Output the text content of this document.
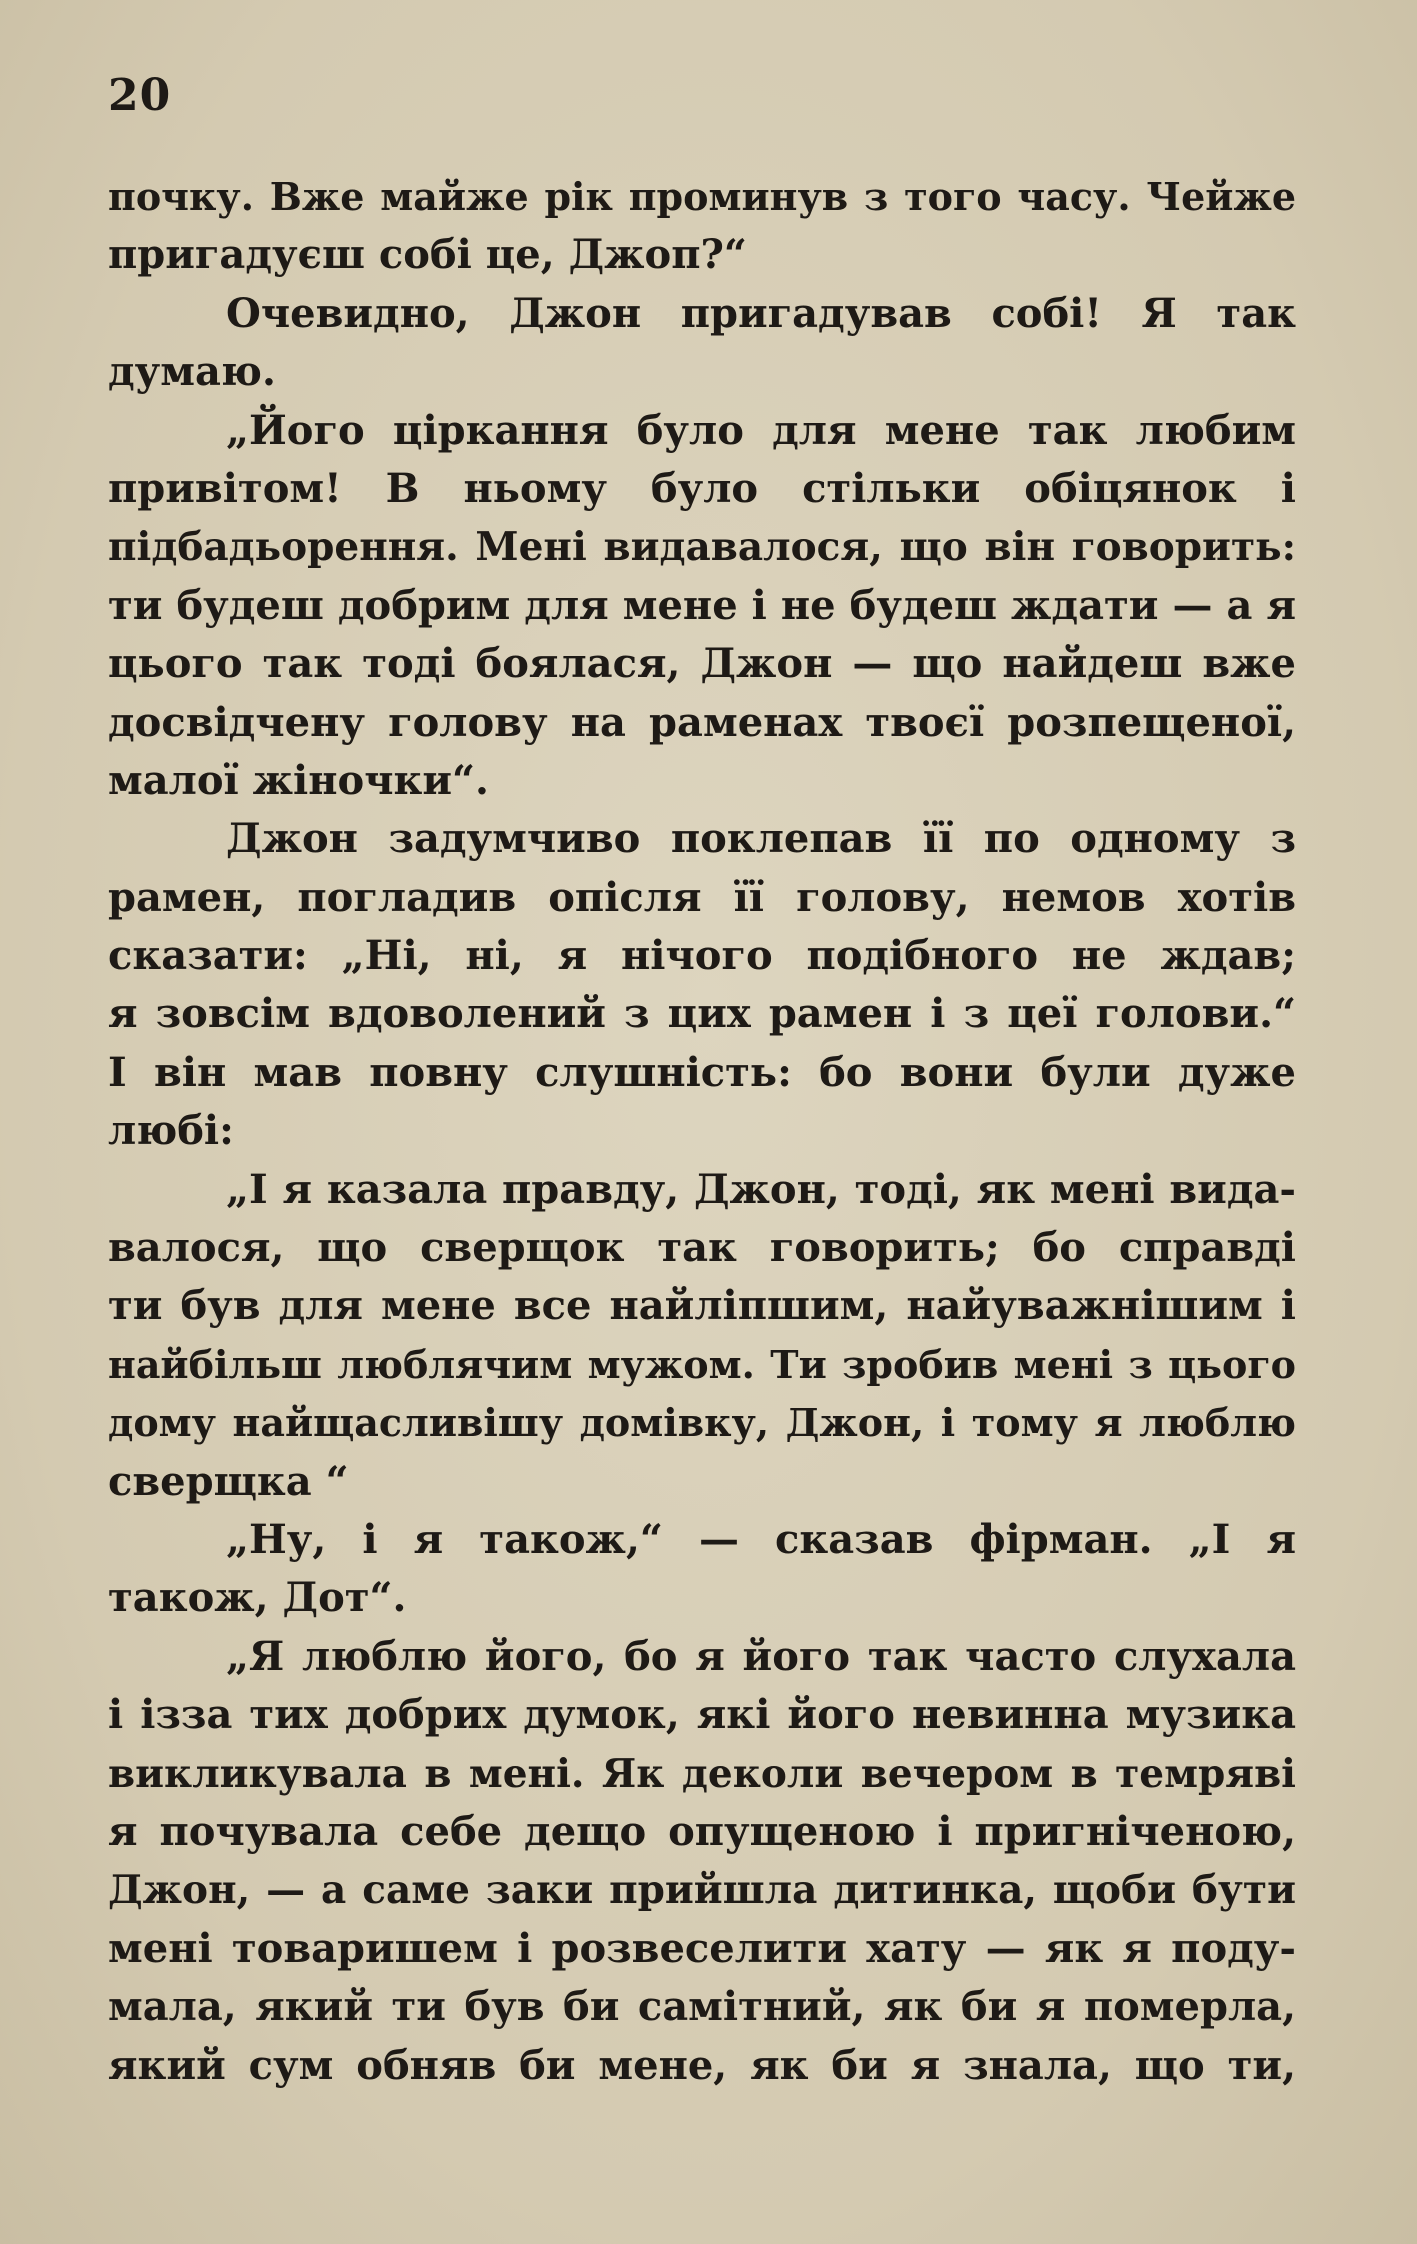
20
почку. Вже майже рік проминув з того часу. Чейже
пригадуєш собі це, Джоп?“
Очевидно, Джон пригадував собі! Я так
думаю.
„Його ціркання було для мене так любим
привітом! В ньому було стільки обіцянок і
підбадьорення. Мені видавалося, що він говорить:
ти будеш добрим для мене і не будеш ждати — а я
цього так тоді боялася, Джон — що найдеш вже
досвідчену голову на раменах твоєї розпещеної,
малої жіночки“.
Джон задумчиво поклепав її по одному з
рамен, погладив опісля її голову, немов хотів
сказати: „Ні, ні, я нічого подібного не ждав;
я зовсім вдоволений з цих рамен і з цеї голови.“
І він мав повну слушність: бо вони були дуже
любі:
„І я казала правду, Джон, тоді, як мені вида-
валося, що сверщок так говорить; бо справді
ти був для мене все найліпшим, найуважнішим і
найбільш люблячим мужом. Ти зробив мені з цього
дому найщасливішу домівку, Джон, і тому я люблю
сверщка “
„Ну, і я також,“ — сказав фірман. „І я
також, Дот“.
„Я люблю його, бо я його так часто слухала
і ізза тих добрих думок, які його невинна музика
викликувала в мені. Як деколи вечером в темряві
я почувала себе дещо опущеною і пригніченою,
Джон, — а саме заки прийшла дитинка, щоби бути
мені товаришем і розвеселити хату — як я поду-
мала, який ти був би самітний, як би я померла,
який сум обняв би мене, як би я знала, що ти,
